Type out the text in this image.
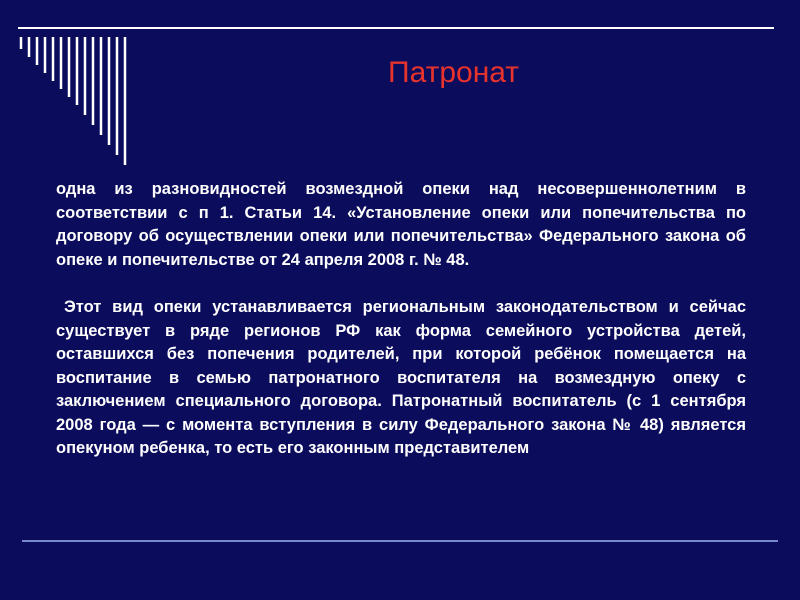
Патронат

одна из разновидностей возмездной опеки над несовершеннолетним в соответствии с п 1. Статьи 14. «Установление опеки или попечительства по договору об осуществлении опеки или попечительства» Федерального закона об опеке и попечительстве от 24 апреля 2008 г. № 48.

Этот вид опеки устанавливается региональным законодательством и сейчас существует в ряде регионов РФ как форма семейного устройства детей, оставшихся без попечения родителей, при которой ребёнок помещается на воспитание в семью патронатного воспитателя на возмездную опеку с заключением специального договора. Патронатный воспитатель (с 1 сентября 2008 года — с момента вступления в силу Федерального закона № 48) является опекуном ребенка, то есть его законным представителем
